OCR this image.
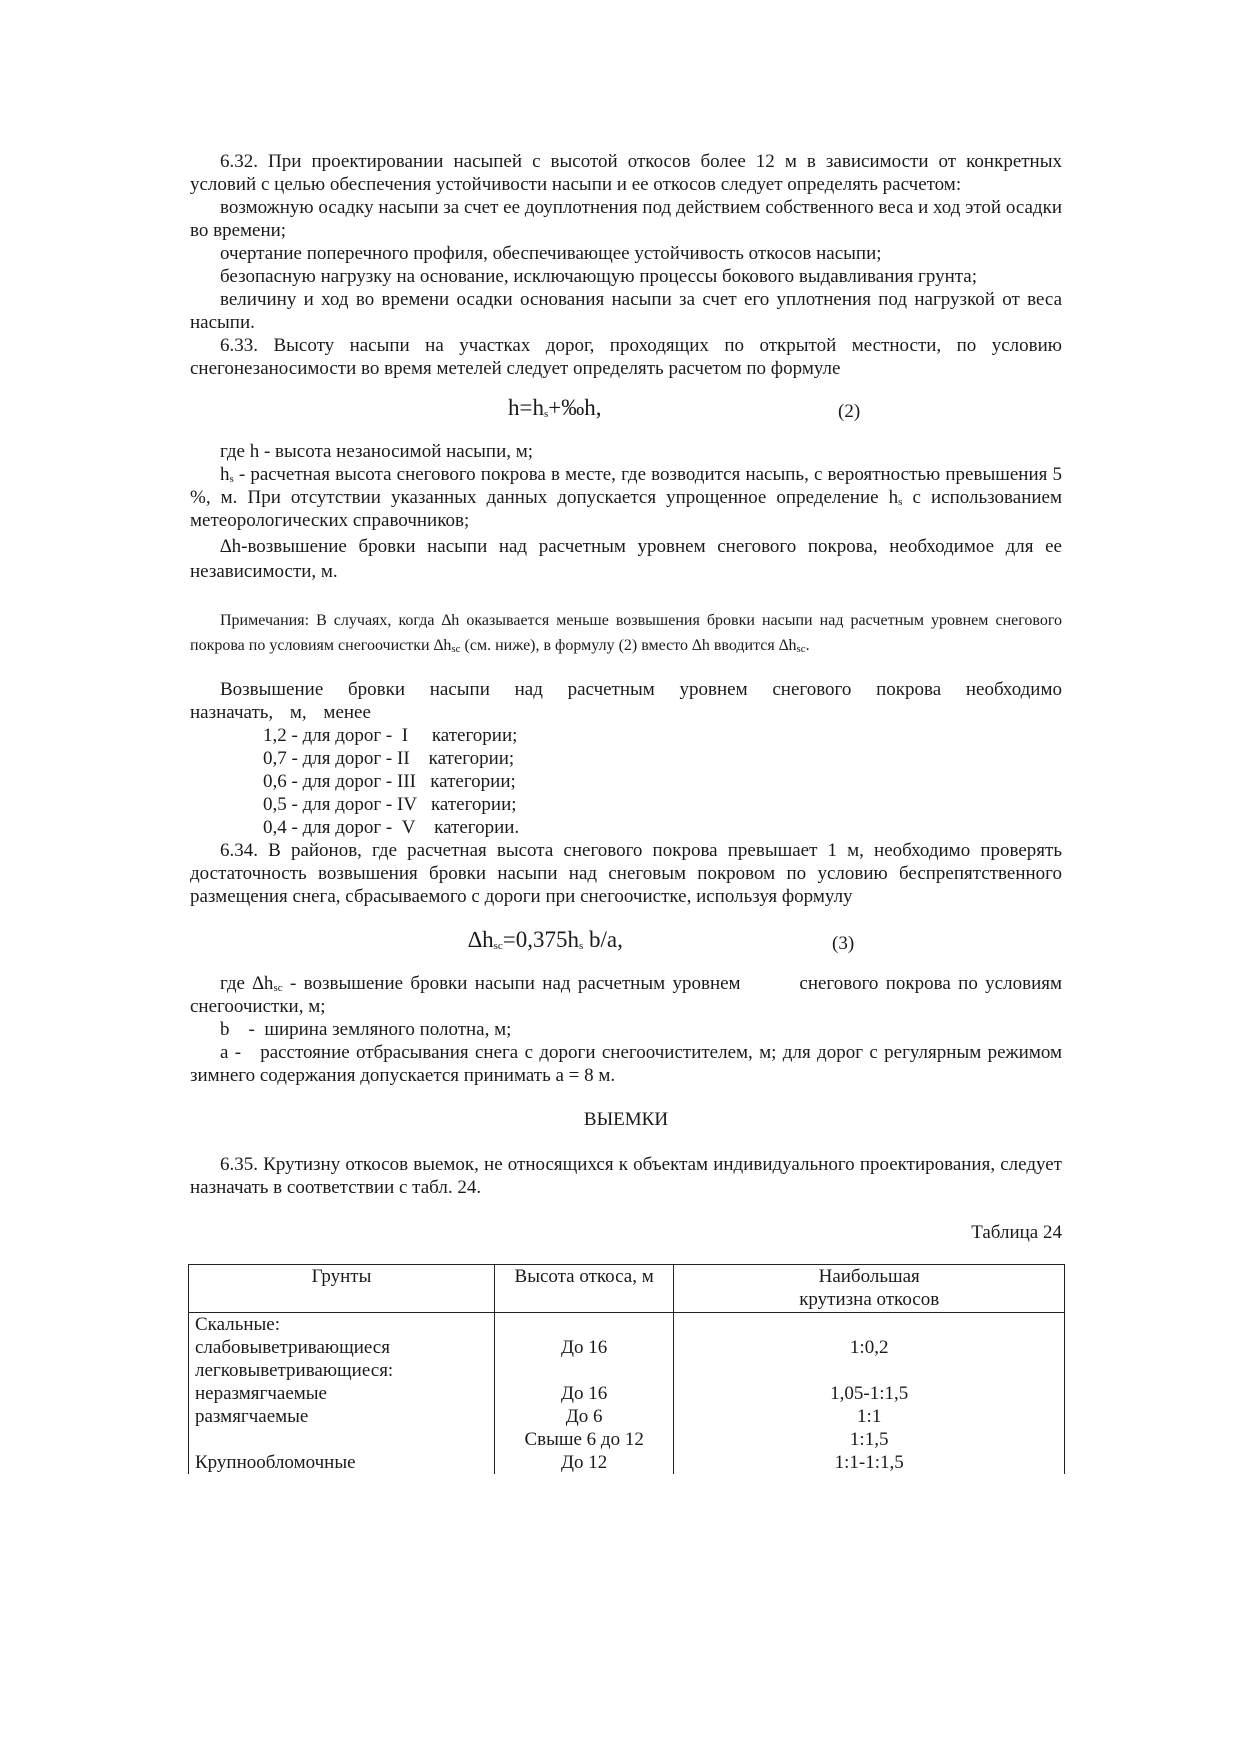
6.32. При проектировании насыпей с высотой откосов более 12 м в зависимости от конкретных условий с целью обеспечения устойчивости насыпи и ее откосов следует определять расчетом:

возможную осадку насыпи за счет ее доуплотнения под действием собственного веса и ход этой осадки во времени;

очертание поперечного профиля, обеспечивающее устойчивость откосов насыпи;

безопасную нагрузку на основание, исключающую процессы бокового выдавливания грунта;

величину и ход во времени осадки основания насыпи за счет его уплотнения под нагрузкой от веса насыпи.

6.33. Высоту насыпи на участках дорог, проходящих по открытой местности, по условию снегонезаносимости во время метелей следует определять расчетом по формуле

$h=h_s+‰h$,	(2)

где h - высота незаносимой насыпи, м;

$h_s$ - расчетная высота снегового покрова в месте, где возводится насыпь, с вероятностью превышения 5 %, м. При отсутствии указанных данных допускается упрощенное определение $h_s$ с использованием метеорологических справочников;

∆h-возвышение бровки насыпи над расчетным уровнем снегового покрова, необходимое для ее независимости, м.

Примечания: В случаях, когда ∆h оказывается меньше возвышения бровки насыпи над расчетным уровнем снегового покрова по условиям снегоочистки $\Delta h_{sc}$ (см. ниже), в формулу (2) вместо ∆h вводится $\Delta h_{sc}$.

Возвышение бровки насыпи над расчетным уровнем снегового покрова необходимо назначать, м, менее

1,2 - для дорог -  I     категории;
0,7 - для дорог - II    категории;
0,6 - для дорог - III   категории;
0,5 - для дорог - IV   категории;
0,4 - для дорог -  V    категории.

6.34. В районов, где расчетная высота снегового покрова превышает 1 м, необходимо проверять достаточность возвышения бровки насыпи над снеговым покровом по условию беспрепятственного размещения снега, сбрасываемого с дороги при снегоочистке, используя формулу

$\Delta h_{sc}=0,375h_s$ b/a,	(3)

где $\Delta h_{sc}$ - возвышение бровки насыпи над расчетным уровнем        снегового покрова по условиям снегоочистки, м;

b    -  ширина земляного полотна, м;

а -   расстояние отбрасывания снега с дороги снегоочистителем, м; для дорог с регулярным режимом зимнего содержания допускается принимать а = 8 м.

ВЫЕМКИ

6.35. Крутизну откосов выемок, не относящихся к объектам индивидуального проектирования, следует назначать в соответствии с табл. 24.

Таблица 24

Грунты	Высота откоса, м	Наибольшая
крутизна откосов
Скальные:		
слабовыветривающиеся	До 16	1:0,2
легковыветривающиеся:		
неразмягчаемые	До 16	1,05-1:1,5
размягчаемые	До 6	1:1
	Свыше 6 до 12	1:1,5
Крупнообломочные	До 12	1:1-1:1,5
